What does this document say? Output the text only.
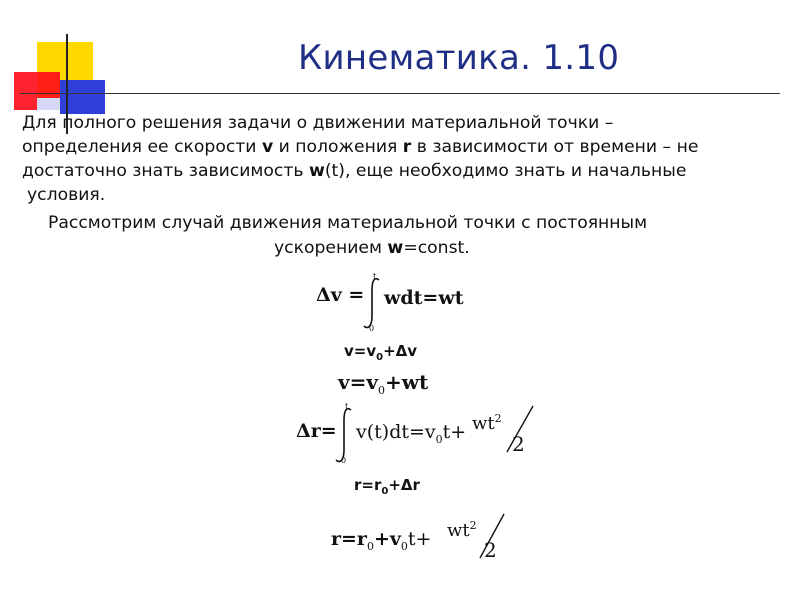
Кинематика. 1.10
Для полного решения задачи о движении материальной точки –
определения ее скорости v и положения r в зависимости от времени – не
достаточно знать зависимость w(t), еще необходимо знать и начальные
условия.
Рассмотрим случай движения материальной точки с постоянным
ускорением w=const.
Δv =
t
0
wdt=wt
$v=v_0+\Delta v$
$v=v_0+wt$
Δr=
t
0
$v(t)dt=v_0t+ wt^2$
2
$r=r_0+\Delta r$
$r=r_0+v_0t+ wt^2$
2
